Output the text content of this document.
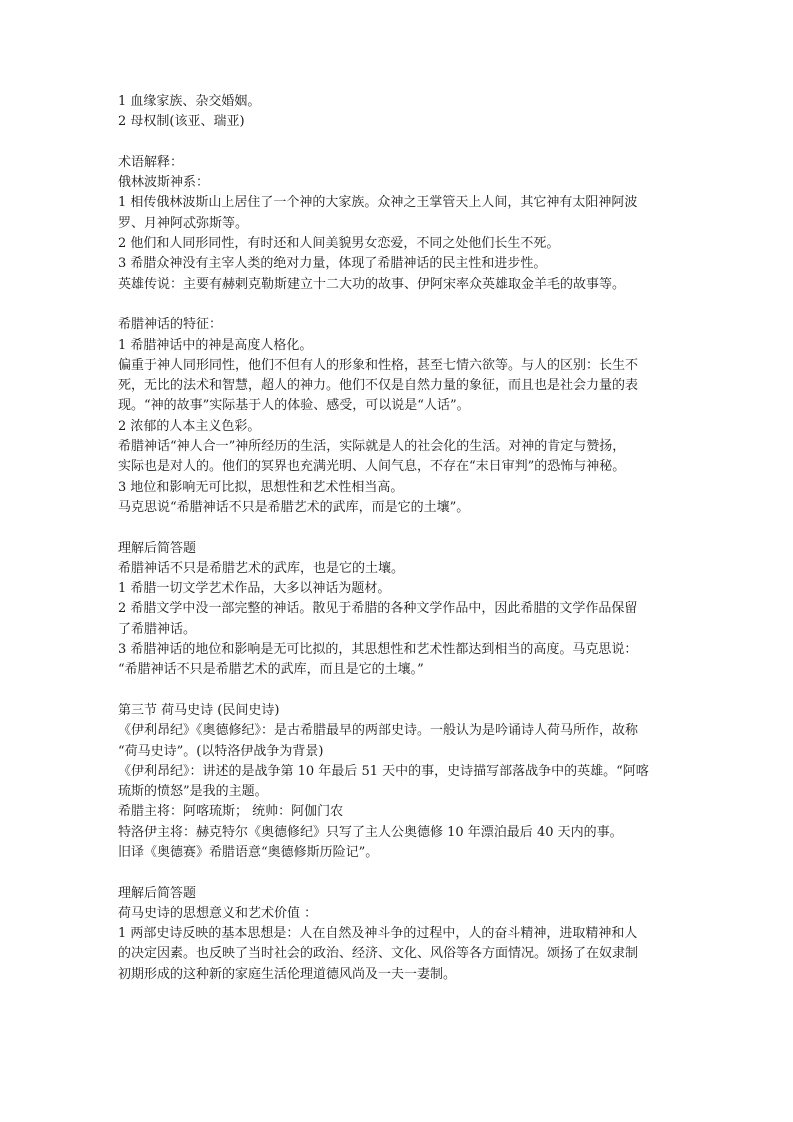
1 血缘家族、杂交婚姻。

2 母权制(该亚、瑞亚)

术语解释：

俄林波斯神系：

1 相传俄林波斯山上居住了一个神的大家族。众神之王掌管天上人间，其它神有太阳神阿波

罗、月神阿忒弥斯等。

2 他们和人同形同性，有时还和人间美貌男女恋爱，不同之处他们长生不死。

3 希腊众神没有主宰人类的绝对力量，体现了希腊神话的民主性和进步性。

英雄传说：主要有赫剌克勒斯建立十二大功的故事、伊阿宋率众英雄取金羊毛的故事等。

希腊神话的特征：

1 希腊神话中的神是高度人格化。

偏重于神人同形同性，他们不但有人的形象和性格，甚至七情六欲等。与人的区别：长生不

死，无比的法术和智慧，超人的神力。他们不仅是自然力量的象征，而且也是社会力量的表

现。“神的故事”实际基于人的体验、感受，可以说是“人话”。

2 浓郁的人本主义色彩。

希腊神话“神人合一”神所经历的生活，实际就是人的社会化的生活。对神的肯定与赞扬，

实际也是对人的。他们的冥界也充满光明、人间气息，不存在“末日审判”的恐怖与神秘。

3 地位和影响无可比拟，思想性和艺术性相当高。

马克思说“希腊神话不只是希腊艺术的武库，而是它的土壤”。

理解后简答题

希腊神话不只是希腊艺术的武库，也是它的土壤。

1 希腊一切文学艺术作品，大多以神话为题材。

2 希腊文学中没一部完整的神话。散见于希腊的各种文学作品中，因此希腊的文学作品保留

了希腊神话。

3 希腊神话的地位和影响是无可比拟的，其思想性和艺术性都达到相当的高度。马克思说：

“希腊神话不只是希腊艺术的武库，而且是它的土壤。”

第三节 荷马史诗 (民间史诗)

《伊利昂纪》《奥德修纪》：是古希腊最早的两部史诗。一般认为是吟诵诗人荷马所作，故称

“荷马史诗”。(以特洛伊战争为背景)

《伊利昂纪》：讲述的是战争第 10 年最后 51 天中的事，史诗描写部落战争中的英雄。“阿喀

琉斯的愤怒”是我的主题。

希腊主将：阿喀琉斯； 统帅：阿伽门农

特洛伊主将：赫克特尔《奥德修纪》只写了主人公奥德修 10 年漂泊最后 40 天内的事。

旧译《奥德赛》希腊语意“奥德修斯历险记”。

理解后简答题

荷马史诗的思想意义和艺术价值 ：

1 两部史诗反映的基本思想是：人在自然及神斗争的过程中，人的奋斗精神，进取精神和人

的决定因素。也反映了当时社会的政治、经济、文化、风俗等各方面情况。颂扬了在奴隶制

初期形成的这种新的家庭生活伦理道德风尚及一夫一妻制。
